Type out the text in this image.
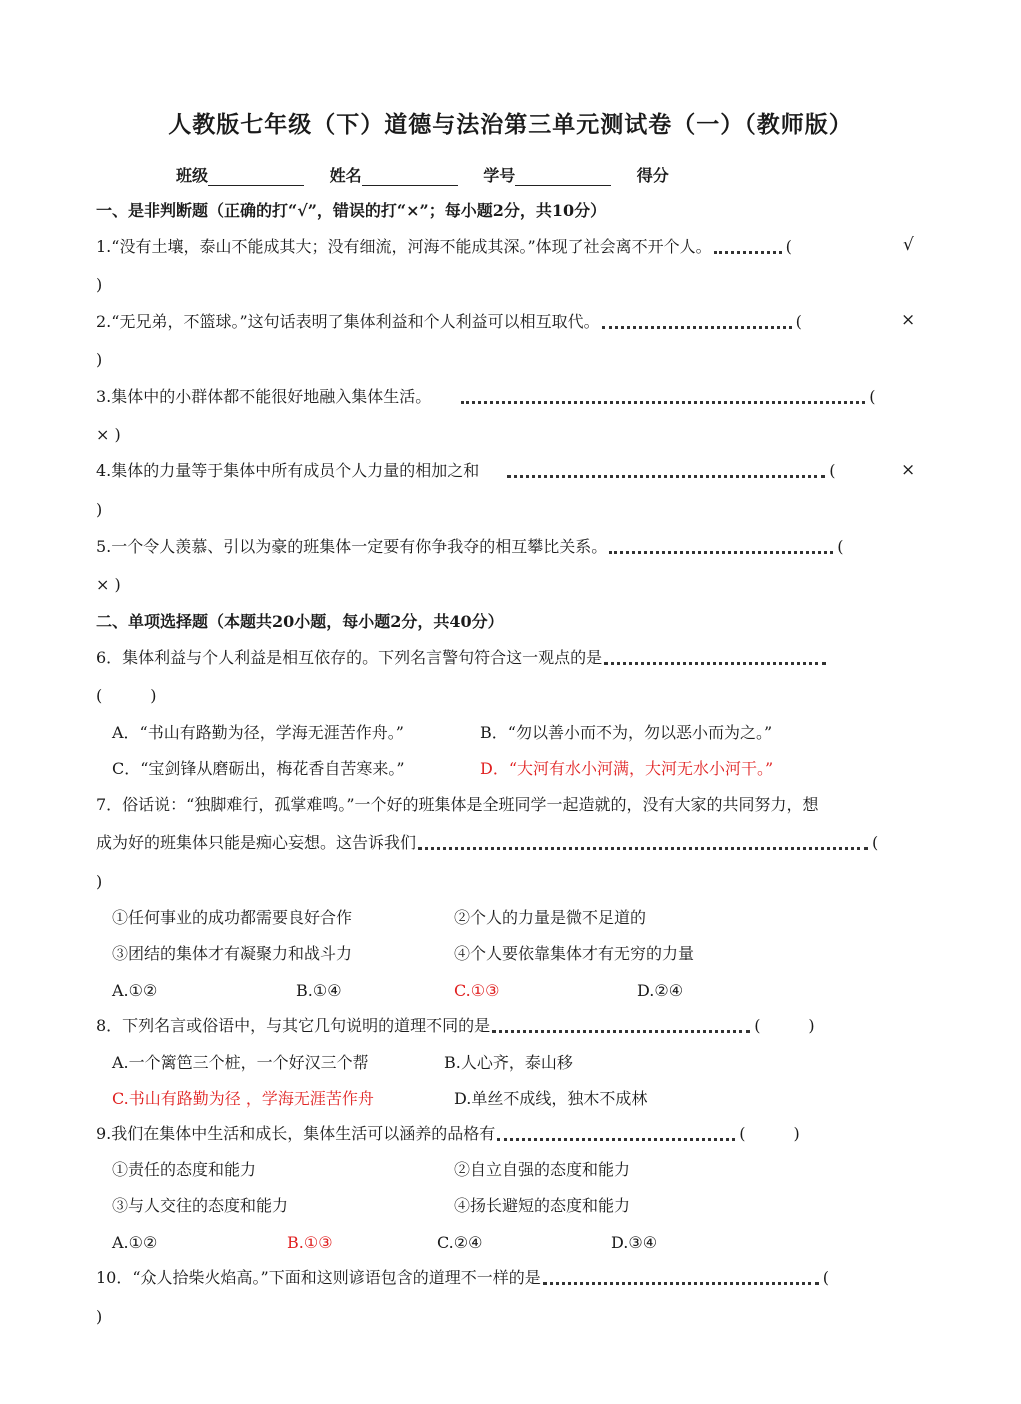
人教版七年级（下）道德与法治第三单元测试卷（一）（教师版）
班级	姓名	学号	得分
一、是非判断题（正确的打“√”，错误的打“×”；每小题2分，共10分）
1.“没有土壤，泰山不能成其大；没有细流，河海不能成其深。”体现了社会离不开个人。	(	√
)
2.“无兄弟，不篮球。”这句话表明了集体利益和个人利益可以相互取代。	(	×
)
3.集体中的小群体都不能很好地融入集体生活。	(
× )
4.集体的力量等于集体中所有成员个人力量的相加之和	(	×
)
5.一个令人羡慕、引以为豪的班集体一定要有你争我夺的相互攀比关系。	(
× )
二、单项选择题（本题共20小题，每小题2分，共40分）
6．集体利益与个人利益是相互依存的。下列名言警句符合这一观点的是
(　　　)
A．“书山有路勤为径，学海无涯苦作舟。”	B．“勿以善小而不为，勿以恶小而为之。”
C．“宝剑锋从磨砺出，梅花香自苦寒来。”	D．“大河有水小河满，大河无水小河干。”
7．俗话说：“独脚难行，孤掌难鸣。”一个好的班集体是全班同学一起造就的，没有大家的共同努力，想
成为好的班集体只能是痴心妄想。这告诉我们	(
)
①任何事业的成功都需要良好合作	②个人的力量是微不足道的
③团结的集体才有凝聚力和战斗力	④个人要依靠集体才有无穷的力量
A.①②	B.①④	C.①③	D.②④
8．下列名言或俗语中，与其它几句说明的道理不同的是	(　　　)
A.一个篱笆三个桩，一个好汉三个帮	B.人心齐，泰山移
C.书山有路勤为径 ，学海无涯苦作舟	D.单丝不成线，独木不成林
9.我们在集体中生活和成长，集体生活可以涵养的品格有	(　　　)
①责任的态度和能力	②自立自强的态度和能力
③与人交往的态度和能力	④扬长避短的态度和能力
A.①②	B.①③	C.②④	D.③④
10．“众人拾柴火焰高。”下面和这则谚语包含的道理不一样的是	(
)
